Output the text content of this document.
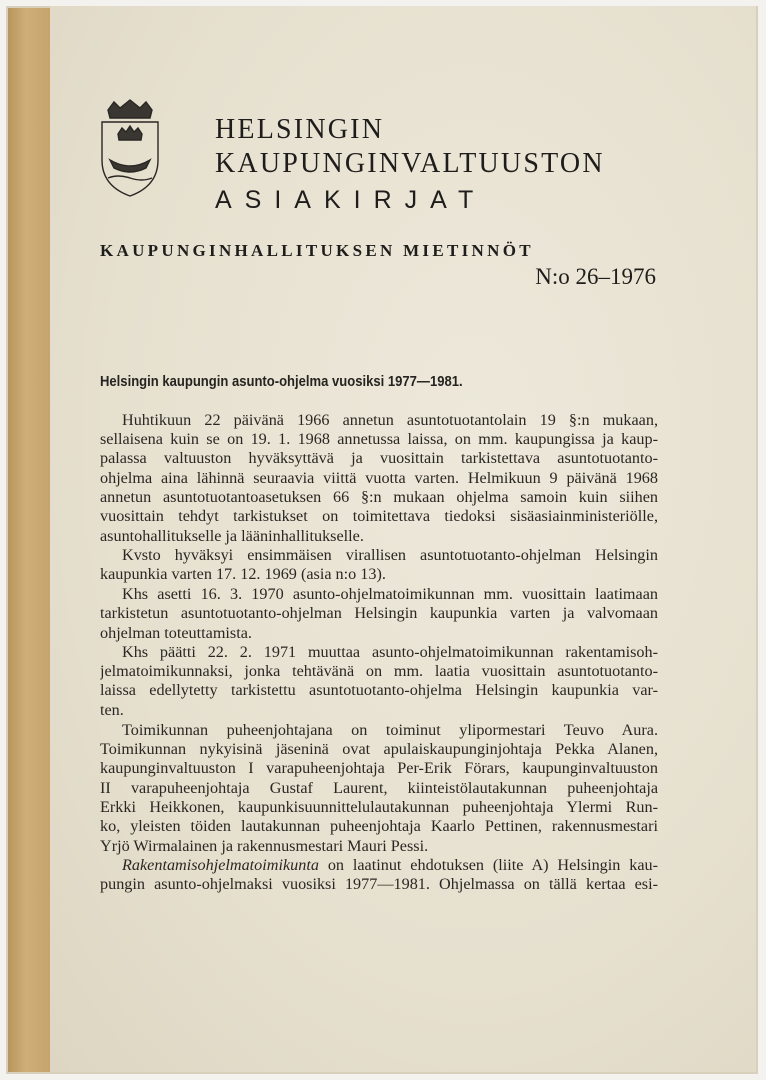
HELSINGIN
KAUPUNGINVALTUUSTON
ASIAKIRJAT
KAUPUNGINHALLITUKSEN MIETINNÖT
N:o 26–1976
Helsingin kaupungin asunto-ohjelma vuosiksi 1977—1981.
Huhtikuun 22 päivänä 1966 annetun asuntotuotantolain 19 §:n mukaan,
sellaisena kuin se on 19. 1. 1968 annetussa laissa, on mm. kaupungissa ja kaup-
palassa valtuuston hyväksyttävä ja vuosittain tarkistettava asuntotuotanto-
ohjelma aina lähinnä seuraavia viittä vuotta varten. Helmikuun 9 päivänä 1968
annetun asuntotuotantoasetuksen 66 §:n mukaan ohjelma samoin kuin siihen
vuosittain tehdyt tarkistukset on toimitettava tiedoksi sisäasiainministeriölle,
asuntohallitukselle ja lääninhallitukselle.
Kvsto hyväksyi ensimmäisen virallisen asuntotuotanto-ohjelman Helsingin
kaupunkia varten 17. 12. 1969 (asia n:o 13).
Khs asetti 16. 3. 1970 asunto-ohjelmatoimikunnan mm. vuosittain laatimaan
tarkistetun asuntotuotanto-ohjelman Helsingin kaupunkia varten ja valvomaan
ohjelman toteuttamista.
Khs päätti 22. 2. 1971 muuttaa asunto-ohjelmatoimikunnan rakentamisoh-
jelmatoimikunnaksi, jonka tehtävänä on mm. laatia vuosittain asuntotuotanto-
laissa edellytetty tarkistettu asuntotuotanto-ohjelma Helsingin kaupunkia var-
ten.
Toimikunnan puheenjohtajana on toiminut ylipormestari Teuvo Aura.
Toimikunnan nykyisinä jäseninä ovat apulaiskaupunginjohtaja Pekka Alanen,
kaupunginvaltuuston I varapuheenjohtaja Per-Erik Förars, kaupunginvaltuuston
II varapuheenjohtaja Gustaf Laurent, kiinteistölautakunnan puheenjohtaja
Erkki Heikkonen, kaupunkisuunnittelulautakunnan puheenjohtaja Ylermi Run-
ko, yleisten töiden lautakunnan puheenjohtaja Kaarlo Pettinen, rakennusmestari
Yrjö Wirmalainen ja rakennusmestari Mauri Pessi.
Rakentamisohjelmatoimikunta on laatinut ehdotuksen (liite A) Helsingin kau-
pungin asunto-ohjelmaksi vuosiksi 1977—1981. Ohjelmassa on tällä kertaa esi-
